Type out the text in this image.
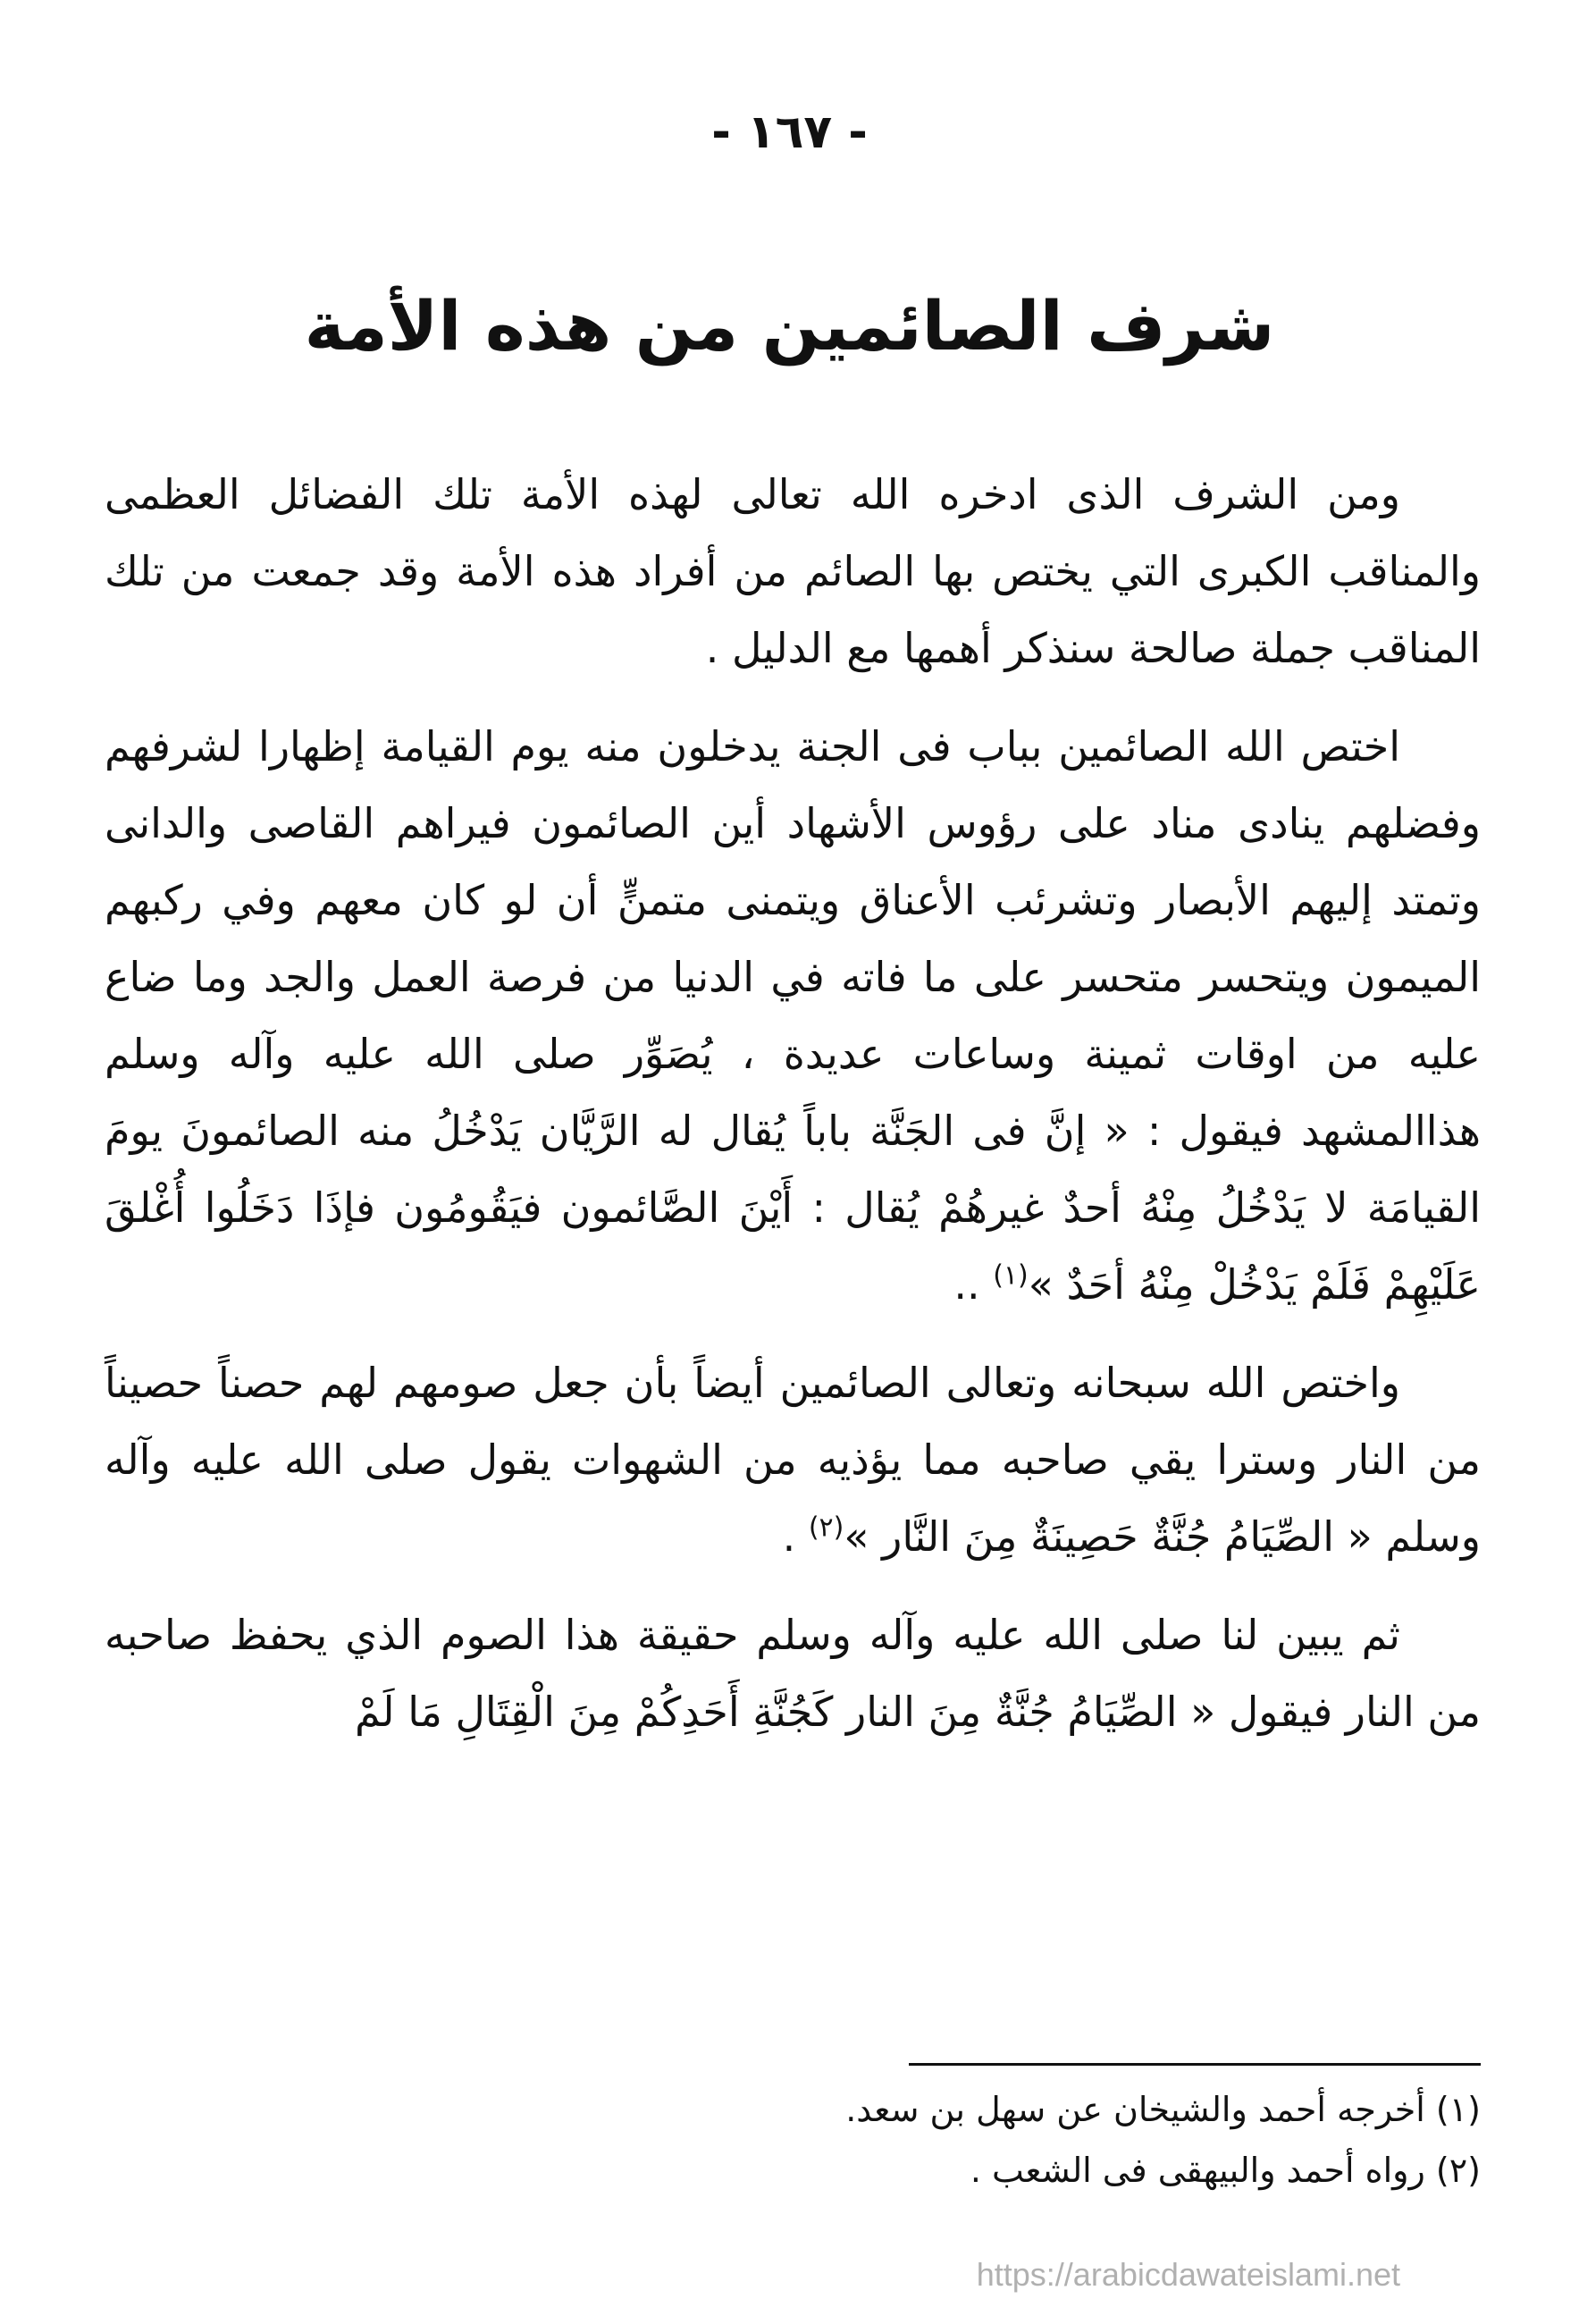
- ١٦٧ -
شرف الصائمين من هذه الأمة

ومن الشرف الذى ادخره الله تعالى لهذه الأمة تلك الفضائل العظمى والمناقب الكبرى التي يختص بها الصائم من أفراد هذه الأمة وقد جمعت من تلك المناقب جملة صالحة سنذكر أهمها مع الدليل .

اختص الله الصائمين بباب فى الجنة يدخلون منه يوم القيامة إظهارا لشرفهم وفضلهم ينادى مناد على رؤوس الأشهاد أين الصائمون فيراهم القاصى والدانى وتمتد إليهم الأبصار وتشرئب الأعناق ويتمنى متمنٍّ أن لو كان معهم وفي ركبهم الميمون ويتحسر متحسر على ما فاته في الدنيا من فرصة العمل والجد وما ضاع عليه من اوقات ثمينة وساعات عديدة ، يُصَوِّر صلى الله عليه وآله وسلم هذاالمشهد فيقول : « إنَّ فى الجَنَّة باباً يُقال له الرَّيَّان يَدْخُلُ منه الصائمونَ يومَ القيامَة لا يَدْخُلُ مِنْهُ أحدٌ غيرهُمْ يُقال : أَيْنَ الصَّائمون فيَقُومُون فإذَا دَخَلُوا أُغْلقَ عَلَيْهِمْ فَلَمْ يَدْخُلْ مِنْهُ أحَدٌ »$^{(١)}$ ..

واختص الله سبحانه وتعالى الصائمين أيضاً بأن جعل صومهم لهم حصناً حصيناً من النار وسترا يقي صاحبه مما يؤذيه من الشهوات يقول صلى الله عليه وآله وسلم « الصِّيَامُ جُنَّةٌ حَصِينَةٌ مِنَ النَّار »$^{(٢)}$ .

ثم يبين لنا صلى الله عليه وآله وسلم حقيقة هذا الصوم الذي يحفظ صاحبه من النار فيقول « الصِّيَامُ جُنَّةٌ مِنَ النار كَجُنَّةِ أَحَدِكُمْ مِنَ الْقِتَالِ مَا لَمْ

(١) أخرجه أحمد والشيخان عن سهل بن سعد.

(٢) رواه أحمد والبيهقى فى الشعب .

https://arabicdawateislami.net
